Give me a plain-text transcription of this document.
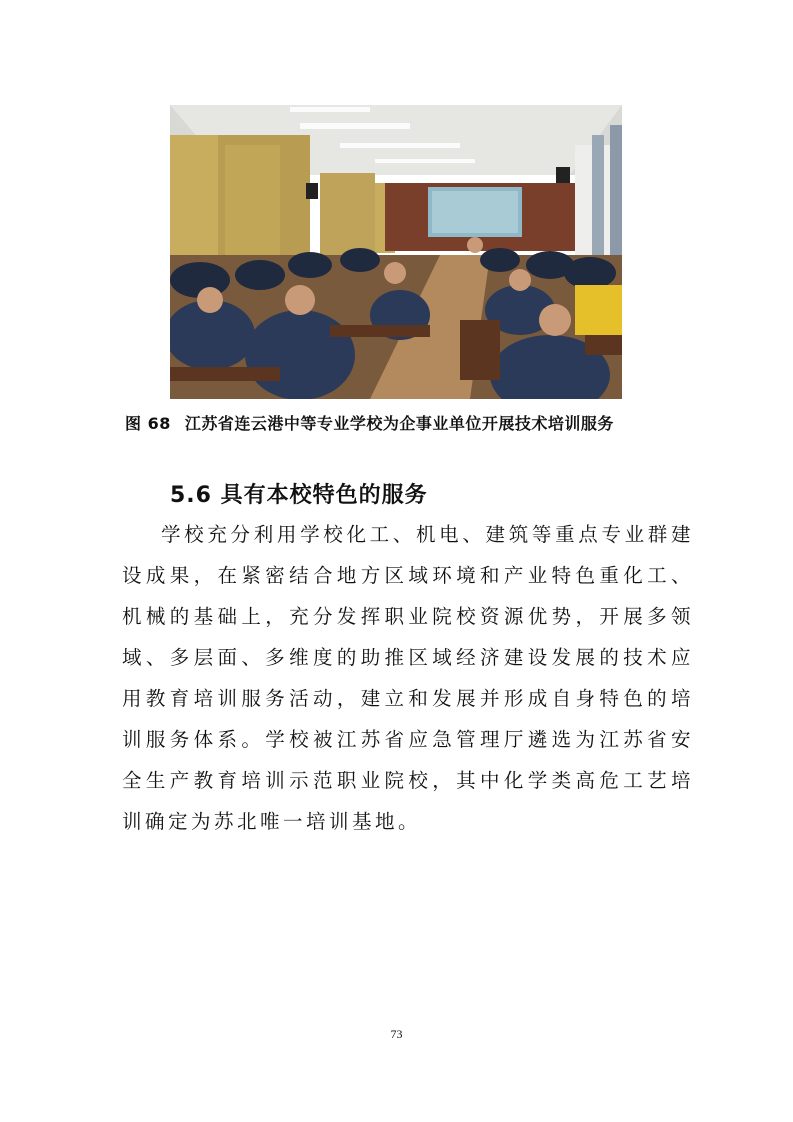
图 68 江苏省连云港中等专业学校为企事业单位开展技术培训服务
5.6 具有本校特色的服务

学校充分利用学校化工、机电、建筑等重点专业群建设成果，在紧密结合地方区域环境和产业特色重化工、机械的基础上，充分发挥职业院校资源优势，开展多领域、多层面、多维度的助推区域经济建设发展的技术应用教育培训服务活动，建立和发展并形成自身特色的培训服务体系。学校被江苏省应急管理厅遴选为江苏省安全生产教育培训示范职业院校，其中化学类高危工艺培训确定为苏北唯一培训基地。

73
